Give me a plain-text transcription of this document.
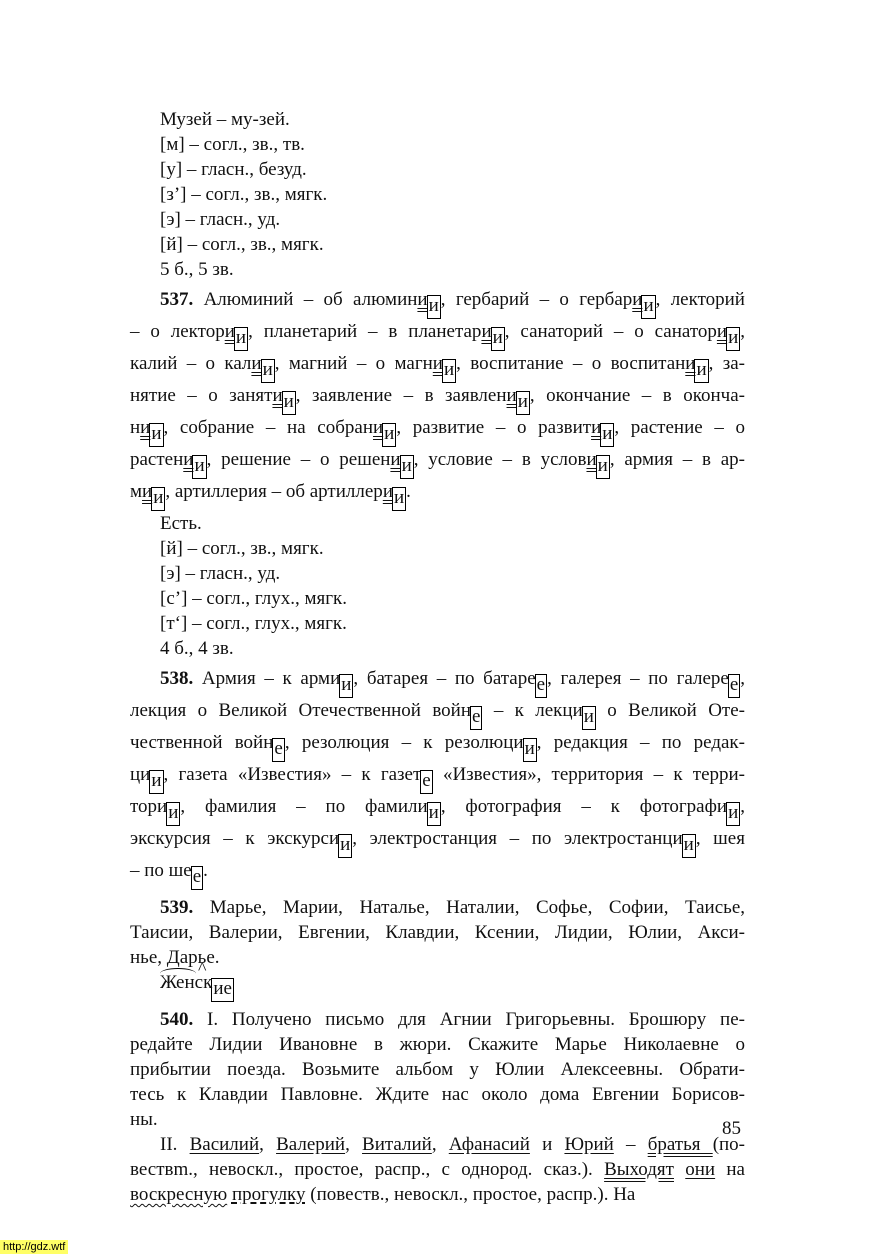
Музей – му-зей.
[м] – согл., зв., тв.
[у] – гласн., безуд.
[з’] – согл., зв., мягк.
[э] – гласн., уд.
[й] – согл., зв., мягк.
5 б., 5 зв.
537. Алюминий – об алюминии , гербарий – о гербарии , лекторий
– о лектории , планетарий – в планетарии , санаторий – о санатории ,
калий – о калии , магний – о магнии , воспитание – о воспитании , за-
нятие – о занятии , заявление – в заявлении , окончание – в оконча-
нии , собрание – на собрании , развитие – о развитии , растение – о
растении , решение – о решении , условие – в условии , армия – в ар-
мии , артиллерия – об артиллерии .
Есть.
[й] – согл., зв., мягк.
[э] – гласн., уд.
[с’] – согл., глух., мягк.
[т‘] – согл., глух., мягк.
4 б., 4 зв.
538. Армия – к армии , батарея – по батарее , галерея – по галерее ,
лекция о Великой Отечественной войне – к лекции о Великой Оте-
чественной войне , резолюция – к резолюции , редакция – по редак-
ции , газета «Известия» – к газете «Известия», территория – к терри-
тории , фамилия – по фамилии , фотография – к фотографии ,
экскурсия – к экскурсии , электростанция – по электростанции , шея
– по шее .
539. Марье, Марии, Наталье, Наталии, Софье, Софии, Таисье,
Таисии, Валерии, Евгении, Клавдии, Ксении, Лидии, Юлии, Акси-
нье, Дарье.
Женск ^ие
540. I. Получено письмо для Агнии Григорьевны. Брошюру пе-
редайте Лидии Ивановне в жюри. Скажите Марье Николаевне о
прибытии поезда. Возьмите альбом у Юлии Алексеевны. Обрати-
тесь к Клавдии Павловне. Ждите нас около дома Евгении Борисов-
ны.
II. Василий, Валерий, Виталий, Афанасий и Юрий – братья (по-
вествm., невоскл., простое, распр., с однород. сказ.). Выходят они на
воскресную прогулку (повеств., невоскл., простое, распр.). На
85
http://gdz.wtf
